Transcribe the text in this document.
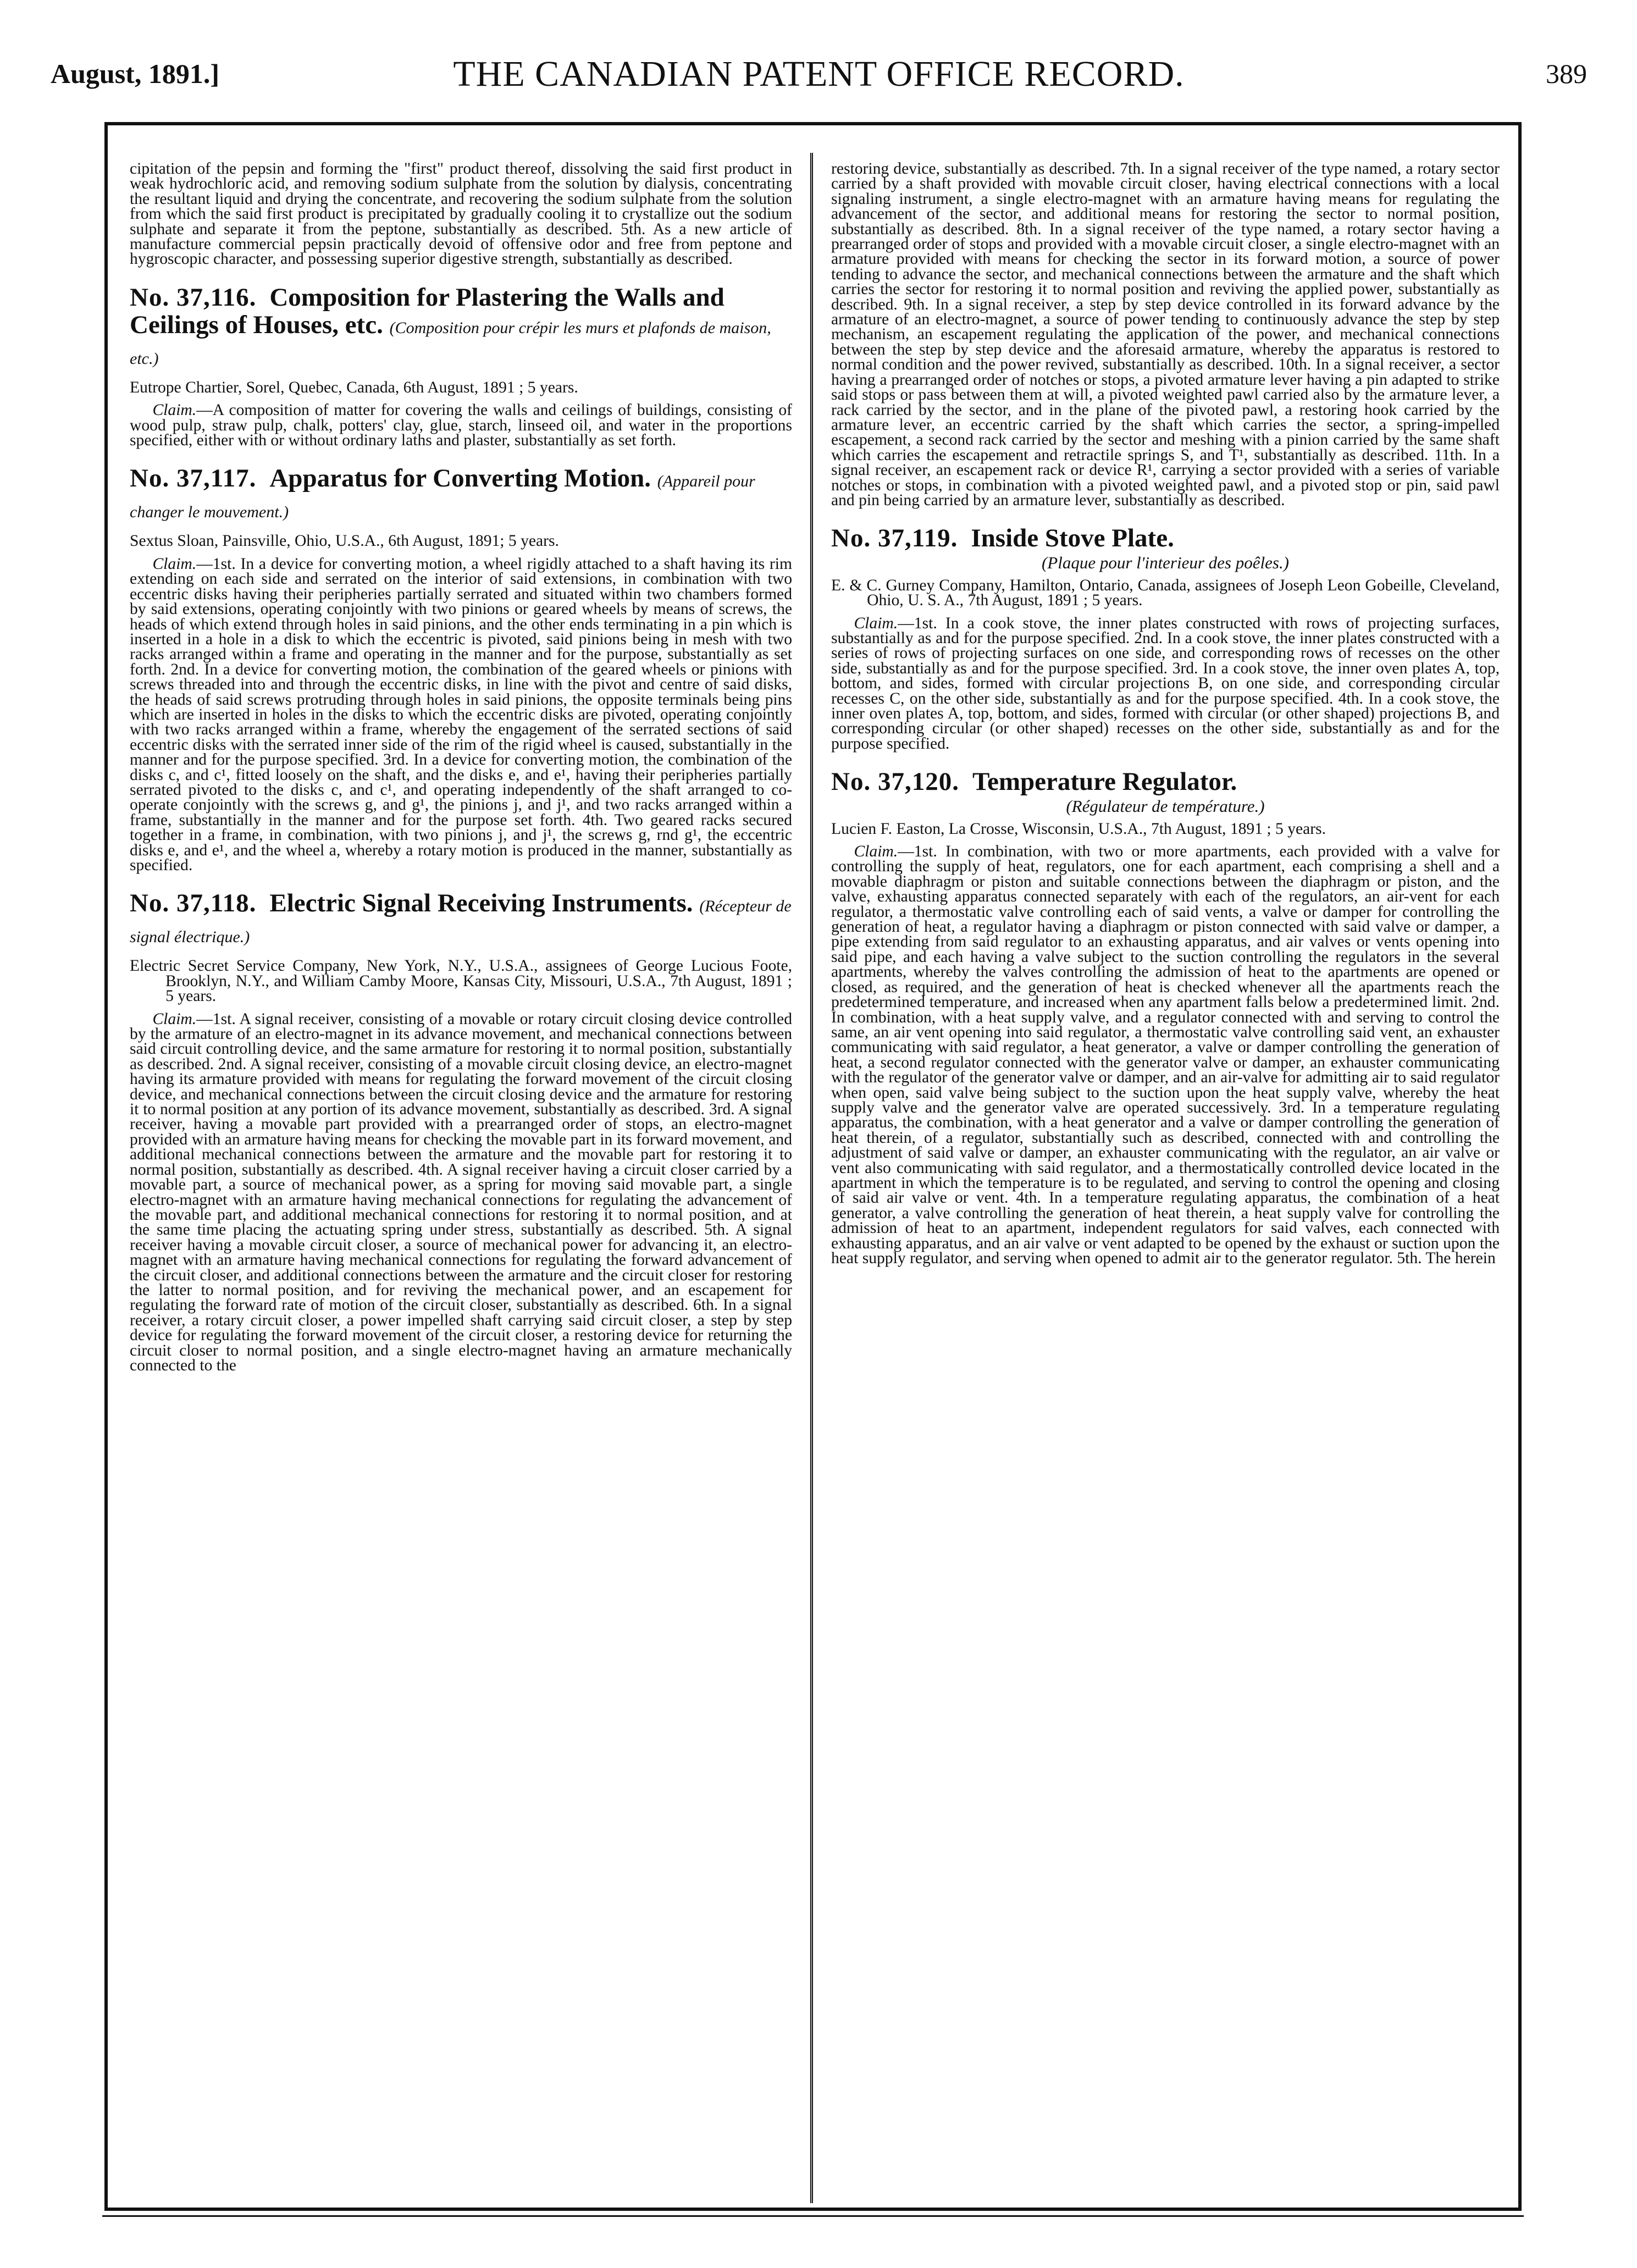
August, 1891.]	THE CANADIAN PATENT OFFICE RECORD.	389

cipitation of the pepsin and forming the "first" product thereof, dissolving the said first product in weak hydrochloric acid, and removing sodium sulphate from the solution by dialysis, concentrating the resultant liquid and drying the concentrate, and recovering the sodium sulphate from the solution from which the said first product is precipitated by gradually cooling it to crystallize out the sodium sulphate and separate it from the peptone, substantially as described. 5th. As a new article of manufacture commercial pepsin practically devoid of offensive odor and free from peptone and hygroscopic character, and possessing superior digestive strength, substantially as described.

No. 37,116. Composition for Plastering the Walls and Ceilings of Houses, etc. (Composition pour crépir les murs et plafonds de maison, etc.)

Eutrope Chartier, Sorel, Quebec, Canada, 6th August, 1891 ; 5 years.

Claim.—A composition of matter for covering the walls and ceilings of buildings, consisting of wood pulp, straw pulp, chalk, potters' clay, glue, starch, linseed oil, and water in the proportions specified, either with or without ordinary laths and plaster, substantially as set forth.

No. 37,117. Apparatus for Converting Motion. (Appareil pour changer le mouvement.)

Sextus Sloan, Painsville, Ohio, U.S.A., 6th August, 1891; 5 years.

Claim.—1st. In a device for converting motion, a wheel rigidly attached to a shaft having its rim extending on each side and serrated on the interior of said extensions, in combination with two eccentric disks having their peripheries partially serrated and situated within two chambers formed by said extensions, operating conjointly with two pinions or geared wheels by means of screws, the heads of which extend through holes in said pinions, and the other ends terminating in a pin which is inserted in a hole in a disk to which the eccentric is pivoted, said pinions being in mesh with two racks arranged within a frame and operating in the manner and for the purpose, substantially as set forth. 2nd. In a device for converting motion, the combination of the geared wheels or pinions with screws threaded into and through the eccentric disks, in line with the pivot and centre of said disks, the heads of said screws protruding through holes in said pinions, the opposite terminals being pins which are inserted in holes in the disks to which the eccentric disks are pivoted, operating conjointly with two racks arranged within a frame, whereby the engagement of the serrated sections of said eccentric disks with the serrated inner side of the rim of the rigid wheel is caused, substantially in the manner and for the purpose specified. 3rd. In a device for converting motion, the combination of the disks c, and c¹, fitted loosely on the shaft, and the disks e, and e¹, having their peripheries partially serrated pivoted to the disks c, and c¹, and operating independently of the shaft arranged to co-operate conjointly with the screws g, and g¹, the pinions j, and j¹, and two racks arranged within a frame, substantially in the manner and for the purpose set forth. 4th. Two geared racks secured together in a frame, in combination, with two pinions j, and j¹, the screws g, rnd g¹, the eccentric disks e, and e¹, and the wheel a, whereby a rotary motion is produced in the manner, substantially as specified.

No. 37,118. Electric Signal Receiving Instruments. (Récepteur de signal électrique.)

Electric Secret Service Company, New York, N.Y., U.S.A., assignees of George Lucious Foote, Brooklyn, N.Y., and William Camby Moore, Kansas City, Missouri, U.S.A., 7th August, 1891 ; 5 years.

Claim.—1st. A signal receiver, consisting of a movable or rotary circuit closing device controlled by the armature of an electro-magnet in its advance movement, and mechanical connections between said circuit controlling device, and the same armature for restoring it to normal position, substantially as described. 2nd. A signal receiver, consisting of a movable circuit closing device, an electro-magnet having its armature provided with means for regulating the forward movement of the circuit closing device, and mechanical connections between the circuit closing device and the armature for restoring it to normal position at any portion of its advance movement, substantially as described. 3rd. A signal receiver, having a movable part provided with a prearranged order of stops, an electro-magnet provided with an armature having means for checking the movable part in its forward movement, and additional mechanical connections between the armature and the movable part for restoring it to normal position, substantially as described. 4th. A signal receiver having a circuit closer carried by a movable part, a source of mechanical power, as a spring for moving said movable part, a single electro-magnet with an armature having mechanical connections for regulating the advancement of the movable part, and additional mechanical connections for restoring it to normal position, and at the same time placing the actuating spring under stress, substantially as described. 5th. A signal receiver having a movable circuit closer, a source of mechanical power for advancing it, an electro-magnet with an armature having mechanical connections for regulating the forward advancement of the circuit closer, and additional connections between the armature and the circuit closer for restoring the latter to normal position, and for reviving the mechanical power, and an escapement for regulating the forward rate of motion of the circuit closer, substantially as described. 6th. In a signal receiver, a rotary circuit closer, a power impelled shaft carrying said circuit closer, a step by step device for regulating the forward movement of the circuit closer, a restoring device for returning the circuit closer to normal position, and a single electro-magnet having an armature mechanically connected to the

restoring device, substantially as described. 7th. In a signal receiver of the type named, a rotary sector carried by a shaft provided with movable circuit closer, having electrical connections with a local signaling instrument, a single electro-magnet with an armature having means for regulating the advancement of the sector, and additional means for restoring the sector to normal position, substantially as described. 8th. In a signal receiver of the type named, a rotary sector having a prearranged order of stops and provided with a movable circuit closer, a single electro-magnet with an armature provided with means for checking the sector in its forward motion, a source of power tending to advance the sector, and mechanical connections between the armature and the shaft which carries the sector for restoring it to normal position and reviving the applied power, substantially as described. 9th. In a signal receiver, a step by step device controlled in its forward advance by the armature of an electro-magnet, a source of power tending to continuously advance the step by step mechanism, an escapement regulating the application of the power, and mechanical connections between the step by step device and the aforesaid armature, whereby the apparatus is restored to normal condition and the power revived, substantially as described. 10th. In a signal receiver, a sector having a prearranged order of notches or stops, a pivoted armature lever having a pin adapted to strike said stops or pass between them at will, a pivoted weighted pawl carried also by the armature lever, a rack carried by the sector, and in the plane of the pivoted pawl, a restoring hook carried by the armature lever, an eccentric carried by the shaft which carries the sector, a spring-impelled escapement, a second rack carried by the sector and meshing with a pinion carried by the same shaft which carries the escapement and retractile springs S, and T¹, substantially as described. 11th. In a signal receiver, an escapement rack or device R¹, carrying a sector provided with a series of variable notches or stops, in combination with a pivoted weighted pawl, and a pivoted stop or pin, said pawl and pin being carried by an armature lever, substantially as described.

No. 37,119. Inside Stove Plate.
(Plaque pour l'interieur des poêles.)

E. & C. Gurney Company, Hamilton, Ontario, Canada, assignees of Joseph Leon Gobeille, Cleveland, Ohio, U. S. A., 7th August, 1891 ; 5 years.

Claim.—1st. In a cook stove, the inner plates constructed with rows of projecting surfaces, substantially as and for the purpose specified. 2nd. In a cook stove, the inner plates constructed with a series of rows of projecting surfaces on one side, and corresponding rows of recesses on the other side, substantially as and for the purpose specified. 3rd. In a cook stove, the inner oven plates A, top, bottom, and sides, formed with circular projections B, on one side, and corresponding circular recesses C, on the other side, substantially as and for the purpose specified. 4th. In a cook stove, the inner oven plates A, top, bottom, and sides, formed with circular (or other shaped) projections B, and corresponding circular (or other shaped) recesses on the other side, substantially as and for the purpose specified.

No. 37,120. Temperature Regulator.
(Régulateur de température.)

Lucien F. Easton, La Crosse, Wisconsin, U.S.A., 7th August, 1891 ; 5 years.

Claim.—1st. In combination, with two or more apartments, each provided with a valve for controlling the supply of heat, regulators, one for each apartment, each comprising a shell and a movable diaphragm or piston and suitable connections between the diaphragm or piston, and the valve, exhausting apparatus connected separately with each of the regulators, an air-vent for each regulator, a thermostatic valve controlling each of said vents, a valve or damper for controlling the generation of heat, a regulator having a diaphragm or piston connected with said valve or damper, a pipe extending from said regulator to an exhausting apparatus, and air valves or vents opening into said pipe, and each having a valve subject to the suction controlling the regulators in the several apartments, whereby the valves controlling the admission of heat to the apartments are opened or closed, as required, and the generation of heat is checked whenever all the apartments reach the predetermined temperature, and increased when any apartment falls below a predetermined limit. 2nd. In combination, with a heat supply valve, and a regulator connected with and serving to control the same, an air vent opening into said regulator, a thermostatic valve controlling said vent, an exhauster communicating with said regulator, a heat generator, a valve or damper controlling the generation of heat, a second regulator connected with the generator valve or damper, an exhauster communicating with the regulator of the generator valve or damper, and an air-valve for admitting air to said regulator when open, said valve being subject to the suction upon the heat supply valve, whereby the heat supply valve and the generator valve are operated successively. 3rd. In a temperature regulating apparatus, the combination, with a heat generator and a valve or damper controlling the generation of heat therein, of a regulator, substantially such as described, connected with and controlling the adjustment of said valve or damper, an exhauster communicating with the regulator, an air valve or vent also communicating with said regulator, and a thermostatically controlled device located in the apartment in which the temperature is to be regulated, and serving to control the opening and closing of said air valve or vent. 4th. In a temperature regulating apparatus, the combination of a heat generator, a valve controlling the generation of heat therein, a heat supply valve for controlling the admission of heat to an apartment, independent regulators for said valves, each connected with exhausting apparatus, and an air valve or vent adapted to be opened by the exhaust or suction upon the heat supply regulator, and serving when opened to admit air to the generator regulator. 5th. The herein
